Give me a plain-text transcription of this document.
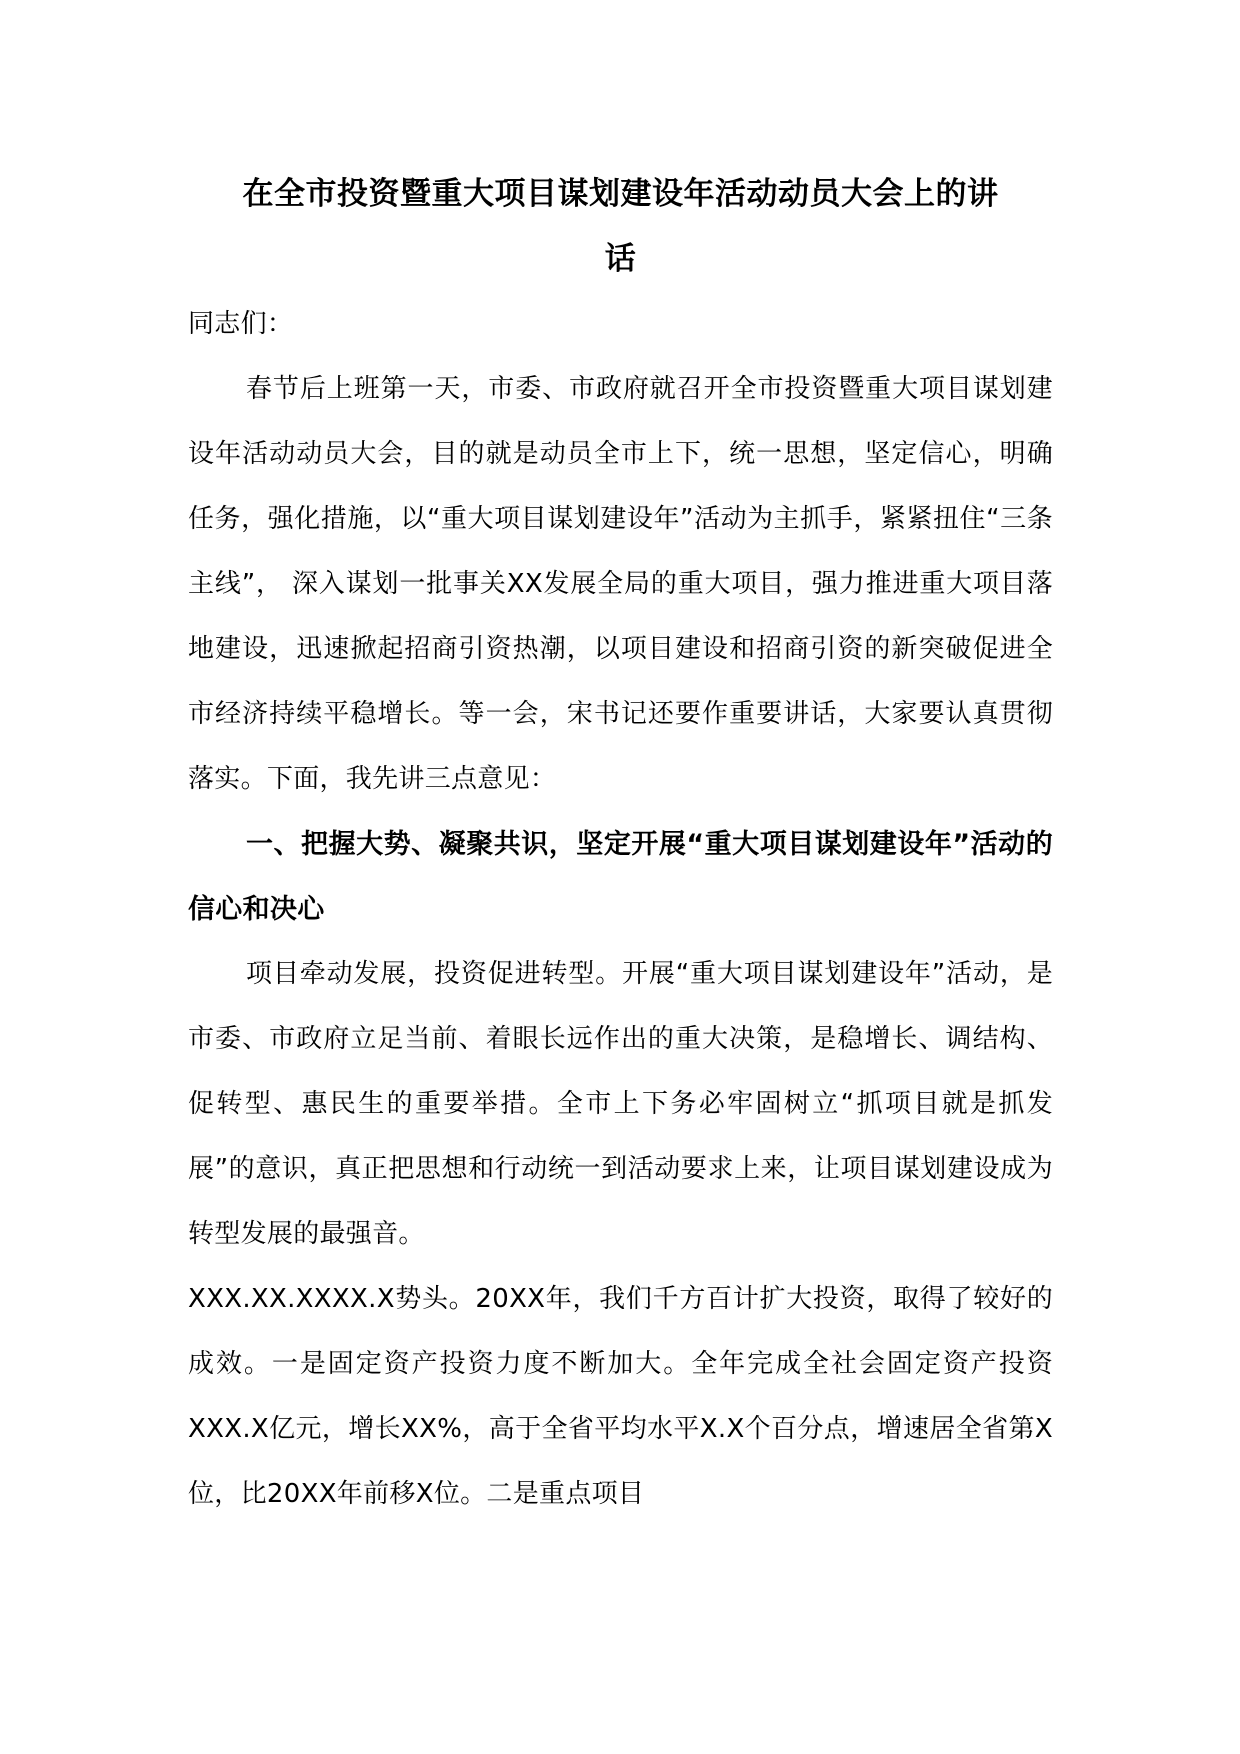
在全市投资暨重大项目谋划建设年活动动员大会上的讲
话

同志们：

春节后上班第一天，市委、市政府就召开全市投资暨重大项目谋划建设年活动动员大会，目的就是动员全市上下，统一思想，坚定信心，明确任务，强化措施，以“重大项目谋划建设年”活动为主抓手，紧紧扭住“三条主线”， 深入谋划一批事关XX发展全局的重大项目，强力推进重大项目落地建设，迅速掀起招商引资热潮，以项目建设和招商引资的新突破促进全市经济持续平稳增长。等一会，宋书记还要作重要讲话，大家要认真贯彻落实。下面，我先讲三点意见：

一、把握大势、凝聚共识，坚定开展“重大项目谋划建设年”活动的信心和决心

项目牵动发展，投资促进转型。开展“重大项目谋划建设年”活动，是市委、市政府立足当前、着眼长远作出的重大决策，是稳增长、调结构、促转型、惠民生的重要举措。全市上下务必牢固树立“抓项目就是抓发展”的意识，真正把思想和行动统一到活动要求上来，让项目谋划建设成为转型发展的最强音。

XXX.XX.XXXX.X势头。20XX年，我们千方百计扩大投资，取得了较好的成效。一是固定资产投资力度不断加大。全年完成全社会固定资产投资XXX.X亿元，增长XX%，高于全省平均水平X.X个百分点，增速居全省第X位，比20XX年前移X位。二是重点项目
